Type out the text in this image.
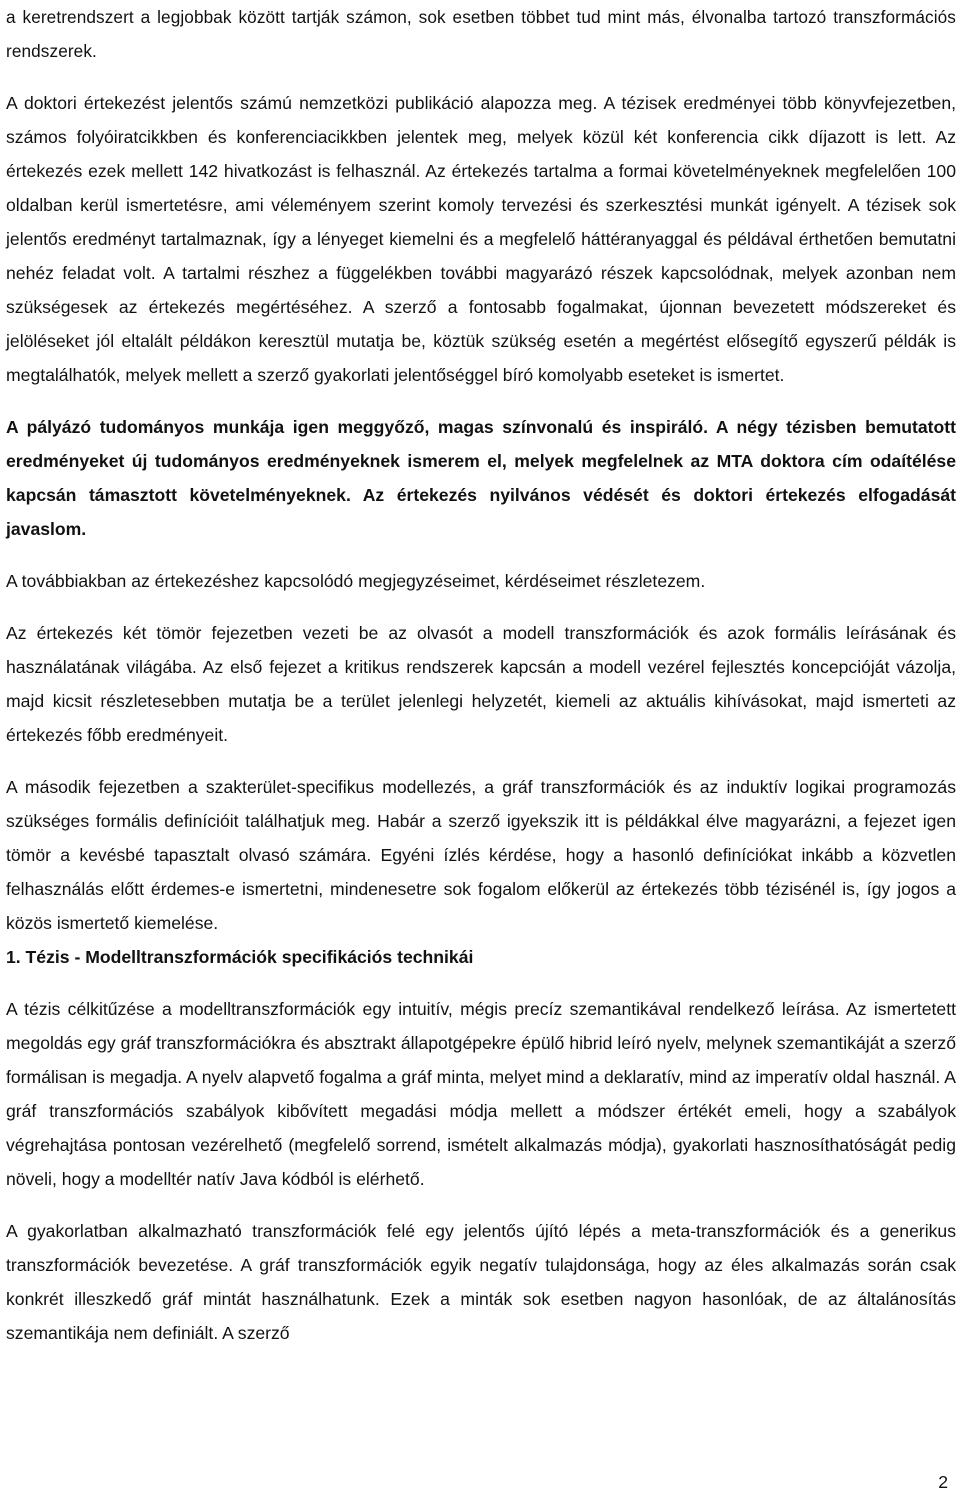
a keretrendszert a legjobbak között tartják számon, sok esetben többet tud mint más, élvonalba tartozó transzformációs rendszerek.

A doktori értekezést jelentős számú nemzetközi publikáció alapozza meg. A tézisek eredményei több könyvfejezetben, számos folyóiratcikkben és konferenciacikkben jelentek meg, melyek közül két konferencia cikk díjazott is lett. Az értekezés ezek mellett 142 hivatkozást is felhasznál. Az értekezés tartalma a formai követelményeknek megfelelően 100 oldalban kerül ismertetésre, ami véleményem szerint komoly tervezési és szerkesztési munkát igényelt. A tézisek sok jelentős eredményt tartalmaznak, így a lényeget kiemelni és a megfelelő háttéranyaggal és példával érthetően bemutatni nehéz feladat volt. A tartalmi részhez a függelékben további magyarázó részek kapcsolódnak, melyek azonban nem szükségesek az értekezés megértéséhez. A szerző a fontosabb fogalmakat, újonnan bevezetett módszereket és jelöléseket jól eltalált példákon keresztül mutatja be, köztük szükség esetén a megértést elősegítő egyszerű példák is megtalálhatók, melyek mellett a szerző gyakorlati jelentőséggel bíró komolyabb eseteket is ismertet.

A pályázó tudományos munkája igen meggyőző, magas színvonalú és inspiráló. A négy tézisben bemutatott eredményeket új tudományos eredményeknek ismerem el, melyek megfelelnek az MTA doktora cím odaítélése kapcsán támasztott követelményeknek. Az értekezés nyilvános védését és doktori értekezés elfogadását javaslom.

A továbbiakban az értekezéshez kapcsolódó megjegyzéseimet, kérdéseimet részletezem.

Az értekezés két tömör fejezetben vezeti be az olvasót a modell transzformációk és azok formális leírásának és használatának világába. Az első fejezet a kritikus rendszerek kapcsán a modell vezérel fejlesztés koncepcióját vázolja, majd kicsit részletesebben mutatja be a terület jelenlegi helyzetét, kiemeli az aktuális kihívásokat, majd ismerteti az értekezés főbb eredményeit.

A második fejezetben a szakterület-specifikus modellezés, a gráf transzformációk és az induktív logikai programozás szükséges formális definícióit találhatjuk meg. Habár a szerző igyekszik itt is példákkal élve magyarázni, a fejezet igen tömör a kevésbé tapasztalt olvasó számára. Egyéni ízlés kérdése, hogy a hasonló definíciókat inkább a közvetlen felhasználás előtt érdemes-e ismertetni, mindenesetre sok fogalom előkerül az értekezés több tézisénél is, így jogos a közös ismertető kiemelése.

1. Tézis - Modelltranszformációk specifikációs technikái

A tézis célkitűzése a modelltranszformációk egy intuitív, mégis precíz szemantikával rendelkező leírása. Az ismertetett megoldás egy gráf transzformációkra és absztrakt állapotgépekre épülő hibrid leíró nyelv, melynek szemantikáját a szerző formálisan is megadja. A nyelv alapvető fogalma a gráf minta, melyet mind a deklaratív, mind az imperatív oldal használ. A gráf transzformációs szabályok kibővített megadási módja mellett a módszer értékét emeli, hogy a szabályok végrehajtása pontosan vezérelhető (megfelelő sorrend, ismételt alkalmazás módja), gyakorlati hasznosíthatóságát pedig növeli, hogy a modelltér natív Java kódból is elérhető.

A gyakorlatban alkalmazható transzformációk felé egy jelentős újító lépés a meta-transzformációk és a generikus transzformációk bevezetése. A gráf transzformációk egyik negatív tulajdonsága, hogy az éles alkalmazás során csak konkrét illeszkedő gráf mintát használhatunk. Ezek a minták sok esetben nagyon hasonlóak, de az általánosítás szemantikája nem definiált. A szerző

2
